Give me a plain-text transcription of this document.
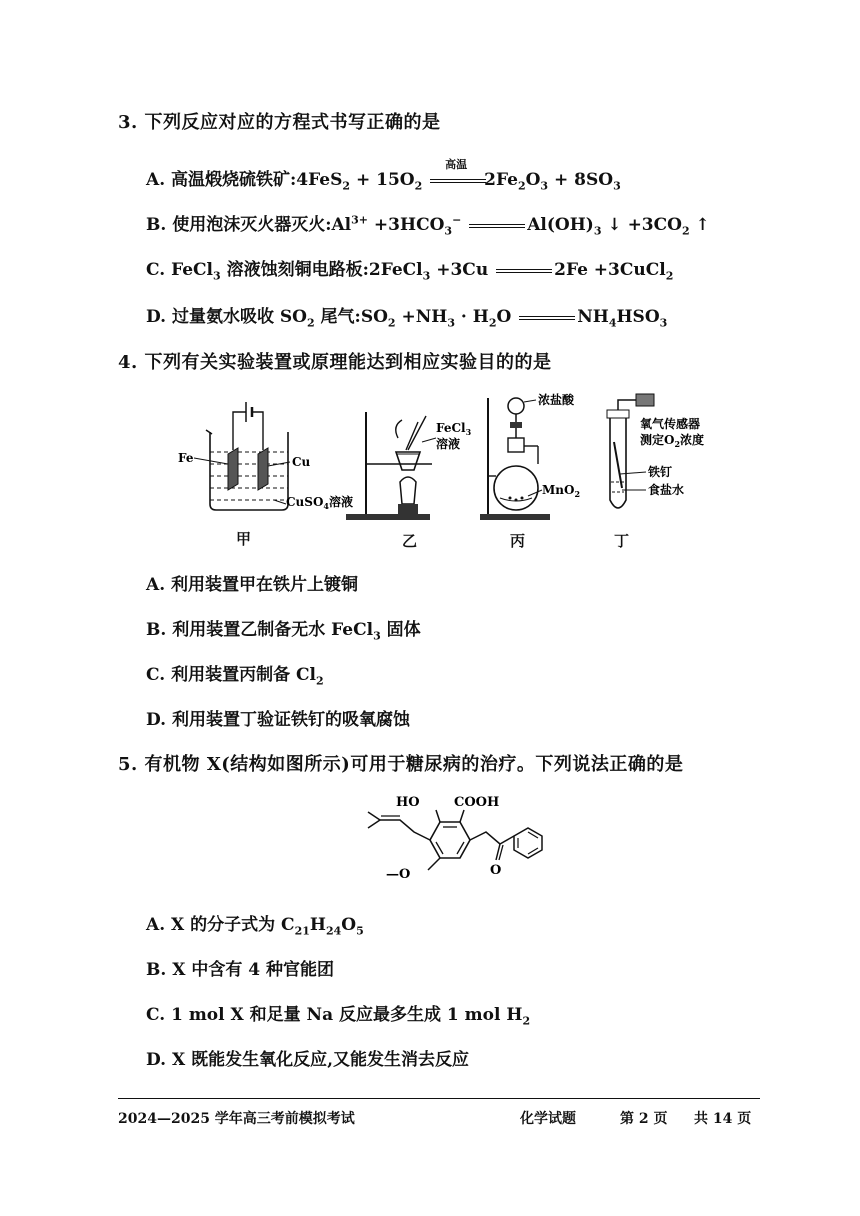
3. 下列反应对应的方程式书写正确的是
A. 高温煅烧硫铁矿:4FeS$_2$ + $15O_2$
高温
$2Fe_2O_3 + 8SO_3$
B. 使用泡沫灭火器灭火$:Al^{3+} +3HCO_3^-$	$Al(OH)_3$ ↓ $+3CO_2$ ↑
C. FeCl$_3$ 溶液蚀刻铜电路板:2FeCl$_3$ +3Cu	2Fe +3CuCl$_2$
D. 过量氨水吸收 $SO_2$ 尾气$:SO_2 +NH_3 \cdot H_2O$	$NH_4HSO_3$
4. 下列有关实验装置或原理能达到相应实验目的的是
Fe	Cu
CuSO$_4$溶液
FeCl$_3$
溶液
浓盐酸
MnO$_2$
氧气传感器
测定$O_2$浓度
铁钉
食盐水
甲	乙	丙	丁
A. 利用装置甲在铁片上镀铜
B. 利用装置乙制备无水 FeCl$_3$ 固体
C. 利用装置丙制备 $Cl_2$
D. 利用装置丁验证铁钉的吸氧腐蚀
5. 有机物 X(结构如图所示)可用于糖尿病的治疗。下列说法正确的是
HO	COOH
—O	O
A. X 的分子式为 $C_{21}H_{24}O_5$
B. X 中含有 4 种官能团
C. 1 mol X 和足量 Na 反应最多生成 1 mol $H_2$
D. X 既能发生氧化反应,又能发生消去反应
2024—2025 学年高三考前模拟考试	化学试题	第 2 页 共 14 页
